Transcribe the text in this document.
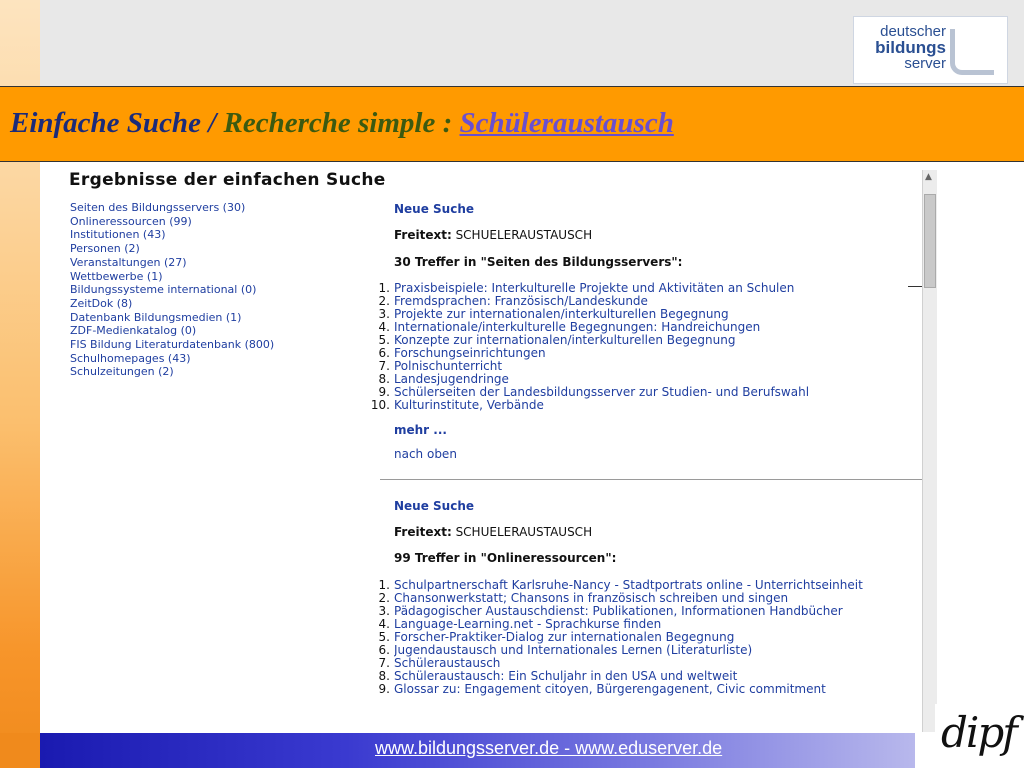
deutscher
bildungs
server
Einfache Suche / Recherche simple : Schüleraustausch
Ergebnisse der einfachen Suche
Seiten des Bildungsservers (30)
Onlineressourcen (99)
Institutionen (43)
Personen (2)
Veranstaltungen (27)
Wettbewerbe (1)
Bildungssysteme international (0)
ZeitDok (8)
Datenbank Bildungsmedien (1)
ZDF-Medienkatalog (0)
FIS Bildung Literaturdatenbank (800)
Schulhomepages (43)
Schulzeitungen (2)
Neue Suche
Freitext: SCHUELERAUSTAUSCH
30 Treffer in "Seiten des Bildungsservers":
1. Praxisbeispiele: Interkulturelle Projekte und Aktivitäten an Schulen
2. Fremdsprachen: Französisch/Landeskunde
3. Projekte zur internationalen/interkulturellen Begegnung
4. Internationale/interkulturelle Begegnungen: Handreichungen
5. Konzepte zur internationalen/interkulturellen Begegnung
6. Forschungseinrichtungen
7. Polnischunterricht
8. Landesjugendringe
9. Schülerseiten der Landesbildungsserver zur Studien- und Berufswahl
10. Kulturinstitute, Verbände
mehr ...
nach oben
Neue Suche
Freitext: SCHUELERAUSTAUSCH
99 Treffer in "Onlineressourcen":
1. Schulpartnerschaft Karlsruhe-Nancy - Stadtportrats online - Unterrichtseinheit
2. Chansonwerkstatt; Chansons in französisch schreiben und singen
3. Pädagogischer Austauschdienst: Publikationen, Informationen Handbücher
4. Language-Learning.net - Sprachkurse finden
5. Forscher-Praktiker-Dialog zur internationalen Begegnung
6. Jugendaustausch und Internationales Lernen (Literaturliste)
7. Schüleraustausch
8. Schüleraustausch: Ein Schuljahr in den USA und weltweit
9. Glossar zu: Engagement citoyen, Bürgerengagenent, Civic commitment
▲
www.bildungsserver.de - www.eduserver.de	dipf
